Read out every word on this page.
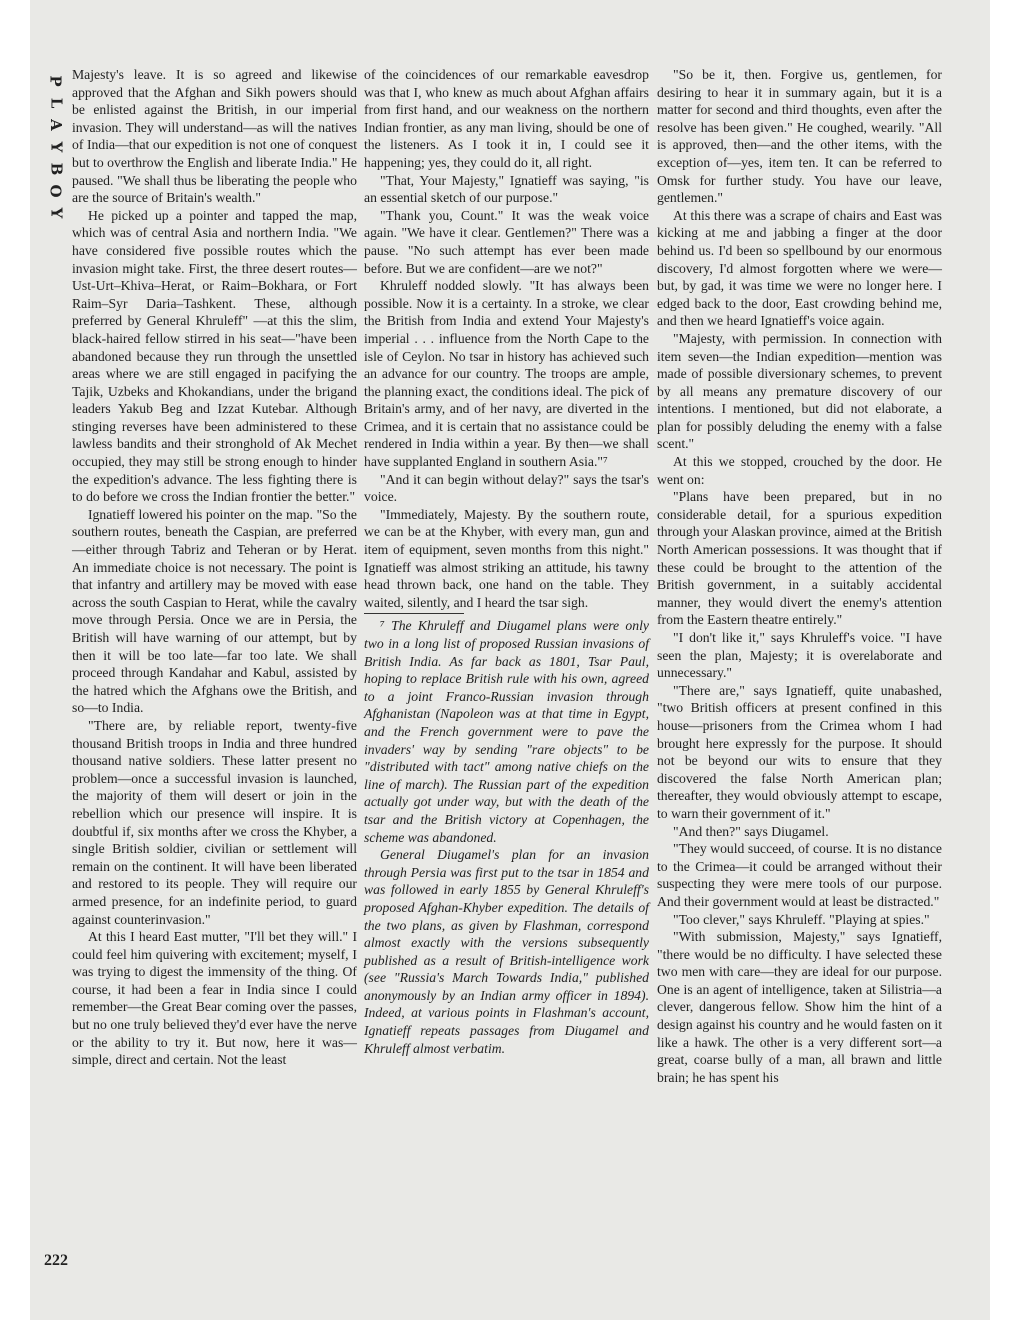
P
L
A
Y
B
O
Y

Majesty's leave. It is so agreed and likewise approved that the Afghan and Sikh powers should be enlisted against the British, in our imperial invasion. They will understand—as will the natives of India—that our expedition is not one of conquest but to overthrow the English and liberate India." He paused. "We shall thus be liberating the people who are the source of Britain's wealth."

He picked up a pointer and tapped the map, which was of central Asia and northern India. "We have considered five possible routes which the invasion might take. First, the three desert routes—Ust-Urt–Khiva–Herat, or Raim–Bokhara, or Fort Raim–Syr Daria–Tashkent. These, although preferred by General Khruleff" —at this the slim, black-haired fellow stirred in his seat—"have been abandoned because they run through the unsettled areas where we are still engaged in pacifying the Tajik, Uzbeks and Khokandians, under the brigand leaders Yakub Beg and Izzat Kutebar. Although stinging reverses have been administered to these lawless bandits and their stronghold of Ak Mechet occupied, they may still be strong enough to hinder the expedition's advance. The less fighting there is to do before we cross the Indian frontier the better."

Ignatieff lowered his pointer on the map. "So the southern routes, beneath the Caspian, are preferred—either through Tabriz and Teheran or by Herat. An immediate choice is not necessary. The point is that infantry and artillery may be moved with ease across the south Caspian to Herat, while the cavalry move through Persia. Once we are in Persia, the British will have warning of our attempt, but by then it will be too late—far too late. We shall proceed through Kandahar and Kabul, assisted by the hatred which the Afghans owe the British, and so—to India.

"There are, by reliable report, twenty-five thousand British troops in India and three hundred thousand native soldiers. These latter present no problem—once a successful invasion is launched, the majority of them will desert or join in the rebellion which our presence will inspire. It is doubtful if, six months after we cross the Khyber, a single British soldier, civilian or settlement will remain on the continent. It will have been liberated and restored to its people. They will require our armed presence, for an indefinite period, to guard against counterinvasion."

At this I heard East mutter, "I'll bet they will." I could feel him quivering with excitement; myself, I was trying to digest the immensity of the thing. Of course, it had been a fear in India since I could remember—the Great Bear coming over the passes, but no one truly believed they'd ever have the nerve or the ability to try it. But now, here it was—simple, direct and certain. Not the least

of the coincidences of our remarkable eavesdrop was that I, who knew as much about Afghan affairs from first hand, and our weakness on the northern Indian frontier, as any man living, should be one of the listeners. As I took it in, I could see it happening; yes, they could do it, all right.

"That, Your Majesty," Ignatieff was saying, "is an essential sketch of our purpose."

"Thank you, Count." It was the weak voice again. "We have it clear. Gentlemen?" There was a pause. "No such attempt has ever been made before. But we are confident—are we not?"

Khruleff nodded slowly. "It has always been possible. Now it is a certainty. In a stroke, we clear the British from India and extend Your Majesty's imperial . . . influence from the North Cape to the isle of Ceylon. No tsar in history has achieved such an advance for our country. The troops are ample, the planning exact, the conditions ideal. The pick of Britain's army, and of her navy, are diverted in the Crimea, and it is certain that no assistance could be rendered in India within a year. By then—we shall have supplanted England in southern Asia."⁷

"And it can begin without delay?" says the tsar's voice.

"Immediately, Majesty. By the southern route, we can be at the Khyber, with every man, gun and item of equipment, seven months from this night." Ignatieff was almost striking an attitude, his tawny head thrown back, one hand on the table. They waited, silently, and I heard the tsar sigh.

⁷ The Khruleff and Diugamel plans were only two in a long list of proposed Russian invasions of British India. As far back as 1801, Tsar Paul, hoping to replace British rule with his own, agreed to a joint Franco-Russian invasion through Afghanistan (Napoleon was at that time in Egypt, and the French government were to pave the invaders' way by sending "rare objects" to be "distributed with tact" among native chiefs on the line of march). The Russian part of the expedition actually got under way, but with the death of the tsar and the British victory at Copenhagen, the scheme was abandoned.

General Diugamel's plan for an invasion through Persia was first put to the tsar in 1854 and was followed in early 1855 by General Khruleff's proposed Afghan-Khyber expedition. The details of the two plans, as given by Flashman, correspond almost exactly with the versions subsequently published as a result of British-intelligence work (see "Russia's March Towards India," published anonymously by an Indian army officer in 1894). Indeed, at various points in Flashman's account, Ignatieff repeats passages from Diugamel and Khruleff almost verbatim.

"So be it, then. Forgive us, gentlemen, for desiring to hear it in summary again, but it is a matter for second and third thoughts, even after the resolve has been given." He coughed, wearily. "All is approved, then—and the other items, with the exception of—yes, item ten. It can be referred to Omsk for further study. You have our leave, gentlemen."

At this there was a scrape of chairs and East was kicking at me and jabbing a finger at the door behind us. I'd been so spellbound by our enormous discovery, I'd almost forgotten where we were—but, by gad, it was time we were no longer here. I edged back to the door, East crowding behind me, and then we heard Ignatieff's voice again.

"Majesty, with permission. In connection with item seven—the Indian expedition—mention was made of possible diversionary schemes, to prevent by all means any premature discovery of our intentions. I mentioned, but did not elaborate, a plan for possibly deluding the enemy with a false scent."

At this we stopped, crouched by the door. He went on:

"Plans have been prepared, but in no considerable detail, for a spurious expedition through your Alaskan province, aimed at the British North American possessions. It was thought that if these could be brought to the attention of the British government, in a suitably accidental manner, they would divert the enemy's attention from the Eastern theatre entirely."

"I don't like it," says Khruleff's voice. "I have seen the plan, Majesty; it is overelaborate and unnecessary."

"There are," says Ignatieff, quite unabashed, "two British officers at present confined in this house—prisoners from the Crimea whom I had brought here expressly for the purpose. It should not be beyond our wits to ensure that they discovered the false North American plan; thereafter, they would obviously attempt to escape, to warn their government of it."

"And then?" says Diugamel.

"They would succeed, of course. It is no distance to the Crimea—it could be arranged without their suspecting they were mere tools of our purpose. And their government would at least be distracted."

"Too clever," says Khruleff. "Playing at spies."

"With submission, Majesty," says Ignatieff, "there would be no difficulty. I have selected these two men with care—they are ideal for our purpose. One is an agent of intelligence, taken at Silistria—a clever, dangerous fellow. Show him the hint of a design against his country and he would fasten on it like a hawk. The other is a very different sort—a great, coarse bully of a man, all brawn and little brain; he has spent his

222
